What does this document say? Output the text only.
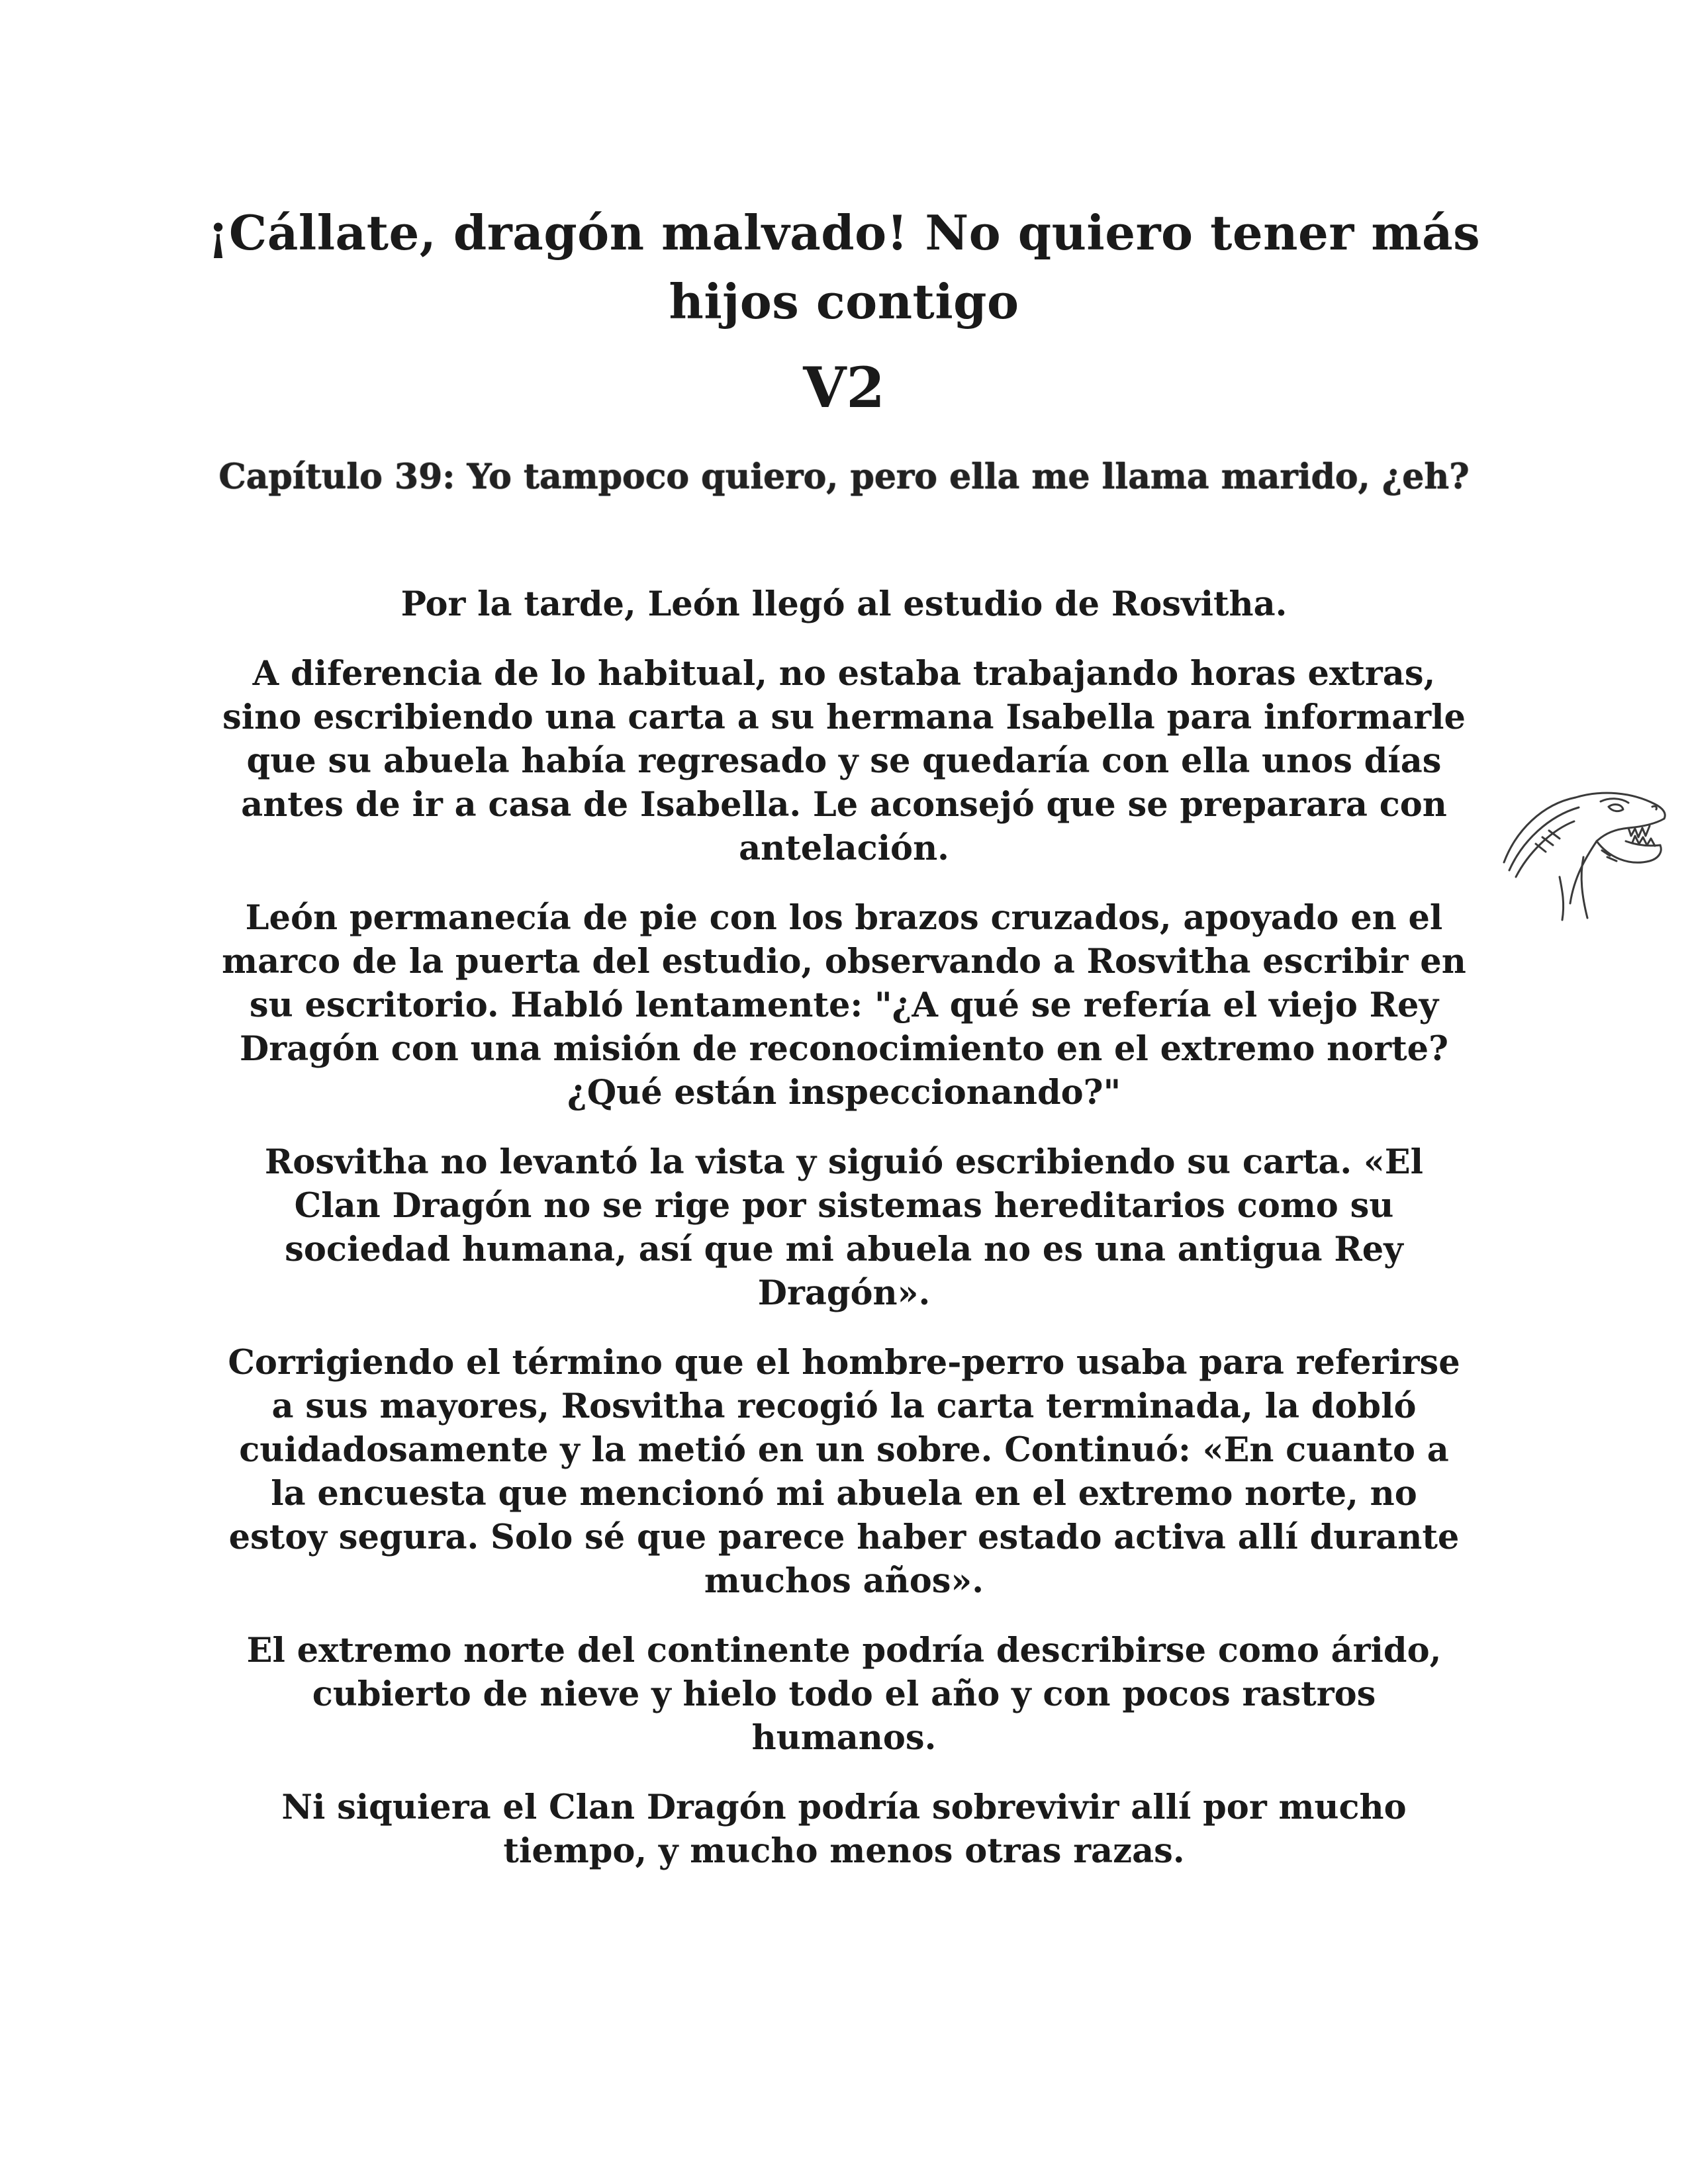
¡Cállate, dragón malvado! No quiero tener más hijos contigo
V2
Capítulo 39: Yo tampoco quiero, pero ella me llama marido, ¿eh?

Por la tarde, León llegó al estudio de Rosvitha.

A diferencia de lo habitual, no estaba trabajando horas extras, sino escribiendo una carta a su hermana Isabella para informarle que su abuela había regresado y se quedaría con ella unos días antes de ir a casa de Isabella. Le aconsejó que se preparara con antelación.

León permanecía de pie con los brazos cruzados, apoyado en el marco de la puerta del estudio, observando a Rosvitha escribir en su escritorio. Habló lentamente: "¿A qué se refería el viejo Rey Dragón con una misión de reconocimiento en el extremo norte? ¿Qué están inspeccionando?"

Rosvitha no levantó la vista y siguió escribiendo su carta. «El Clan Dragón no se rige por sistemas hereditarios como su sociedad humana, así que mi abuela no es una antigua Rey Dragón».

Corrigiendo el término que el hombre-perro usaba para referirse a sus mayores, Rosvitha recogió la carta terminada, la dobló cuidadosamente y la metió en un sobre. Continuó: «En cuanto a la encuesta que mencionó mi abuela en el extremo norte, no estoy segura. Solo sé que parece haber estado activa allí durante muchos años».

El extremo norte del continente podría describirse como árido, cubierto de nieve y hielo todo el año y con pocos rastros humanos.

Ni siquiera el Clan Dragón podría sobrevivir allí por mucho tiempo, y mucho menos otras razas.
